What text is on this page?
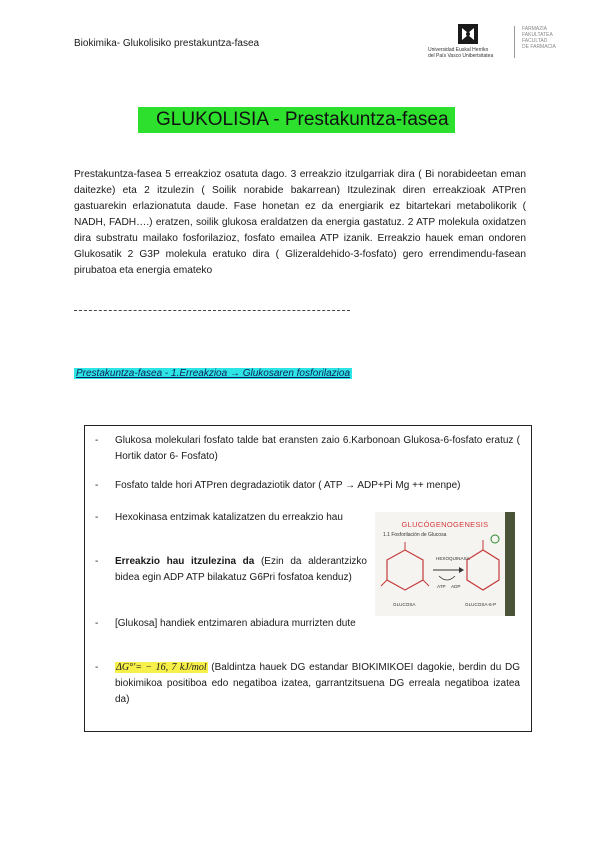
Biokimika- Glukolisiko prestakuntza-fasea
Universidad Euskal Herriko
del País Vasco Unibertsitatea
FARMAZIA
FAKULTATEA
FACULTAD
DE FARMACIA
GLUKOLISIA - Prestakuntza-fasea
Prestakuntza-fasea 5 erreakzioz osatuta dago. 3 erreakzio itzulgarriak dira ( Bi norabideetan eman daitezke) eta 2 itzulezin ( Soilik norabide bakarrean) Itzulezinak diren erreakzioak ATPren gastuarekin erlazionatuta daude. Fase honetan ez da energiarik ez bitartekari metabolikorik ( NADH, FADH….) eratzen, soilik glukosa eraldatzen da energia gastatuz. 2 ATP molekula oxidatzen dira substratu mailako fosforilazioz, fosfato emailea ATP izanik. Erreakzio hauek eman ondoren Glukosatik 2 G3P molekula eratuko dira ( Glizeraldehido-3-fosfato) gero errendimendu-fasean pirubatoa eta energia emateko
Prestakuntza-fasea - 1.Erreakzioa → Glukosaren fosforilazioa
- Glukosa molekulari fosfato talde bat eransten zaio 6.Karbonoan Glukosa-6-fosfato eratuz ( Hortik dator 6- Fosfato)

- Fosfato talde hori ATPren degradaziotik dator ( ATP → ADP+Pi Mg ++ menpe)

- Hexokinasa entzimak katalizatzen du erreakzio hau

- Erreakzio hau itzulezina da (Ezin da alderantzizko bidea egin ADP ATP bilakatuz G6Pri fosfatoa kenduz)

- [Glukosa] handiek entzimaren abiadura murrizten dute

- ΔG°'= − 16, 7 kJ/mol (Baldintza hauek DG estandar BIOKIMIKOEI dagokie, berdin du DG biokimikoa positiboa edo negatiboa izatea, garrantzitsuena DG erreala negatiboa izatea da)

GLUCÓGENOGENESIS
1.1 Fosforilación de Glucosa
HEXOQUINASA
ATP ADP
GLUCOSA	GLUCOSA-6-P
